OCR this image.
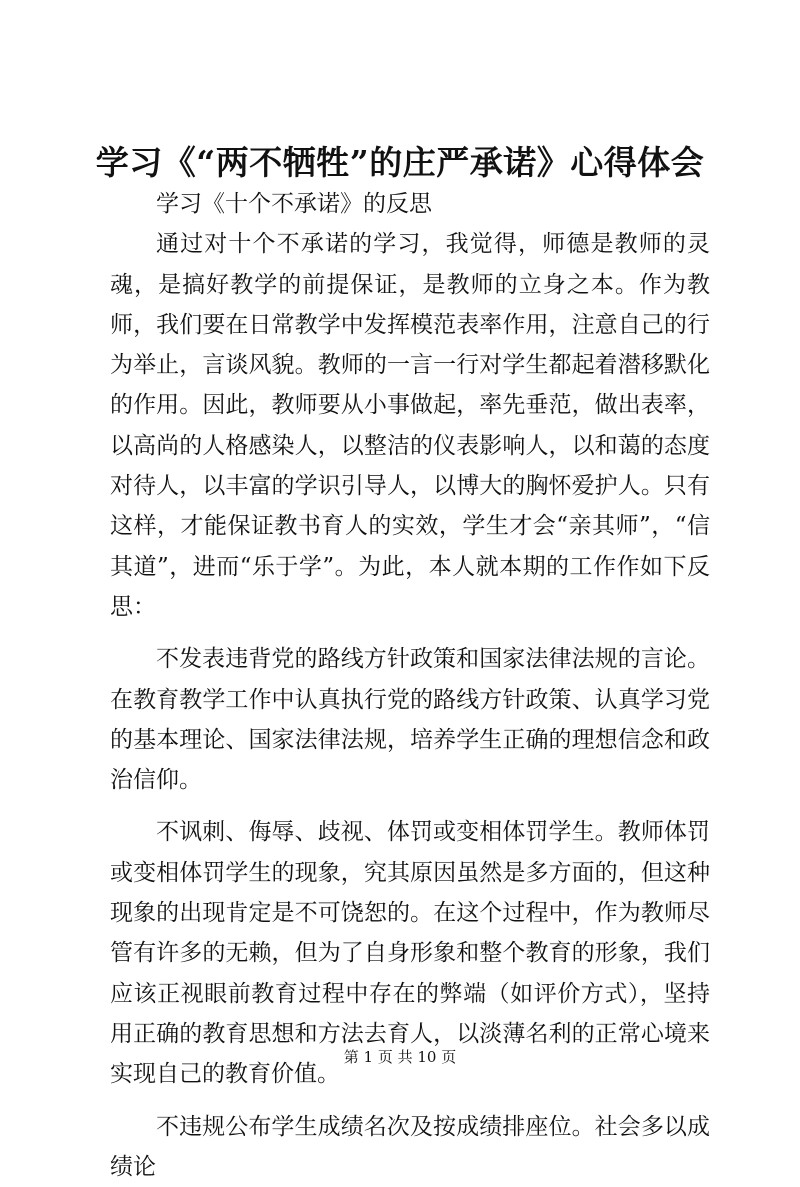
学习《“两不牺牲”的庄严承诺》心得体会

学习《十个不承诺》的反思

通过对十个不承诺的学习，我觉得，师德是教师的灵魂，是搞好教学的前提保证，是教师的立身之本。作为教师，我们要在日常教学中发挥模范表率作用，注意自己的行为举止，言谈风貌。教师的一言一行对学生都起着潜移默化的作用。因此，教师要从小事做起，率先垂范，做出表率，以高尚的人格感染人，以整洁的仪表影响人，以和蔼的态度对待人，以丰富的学识引导人，以博大的胸怀爱护人。只有这样，才能保证教书育人的实效，学生才会“亲其师”，“信其道”，进而“乐于学”。为此，本人就本期的工作作如下反思：

不发表违背党的路线方针政策和国家法律法规的言论。在教育教学工作中认真执行党的路线方针政策、认真学习党的基本理论、国家法律法规，培养学生正确的理想信念和政治信仰。

不讽刺、侮辱、歧视、体罚或变相体罚学生。教师体罚或变相体罚学生的现象，究其原因虽然是多方面的，但这种现象的出现肯定是不可饶恕的。在这个过程中，作为教师尽管有许多的无赖，但为了自身形象和整个教育的形象，我们应该正视眼前教育过程中存在的弊端（如评价方式），坚持用正确的教育思想和方法去育人，以淡薄名利的正常心境来实现自己的教育价值。

不违规公布学生成绩名次及按成绩排座位。社会多以成绩论

第 1 页 共 10 页
